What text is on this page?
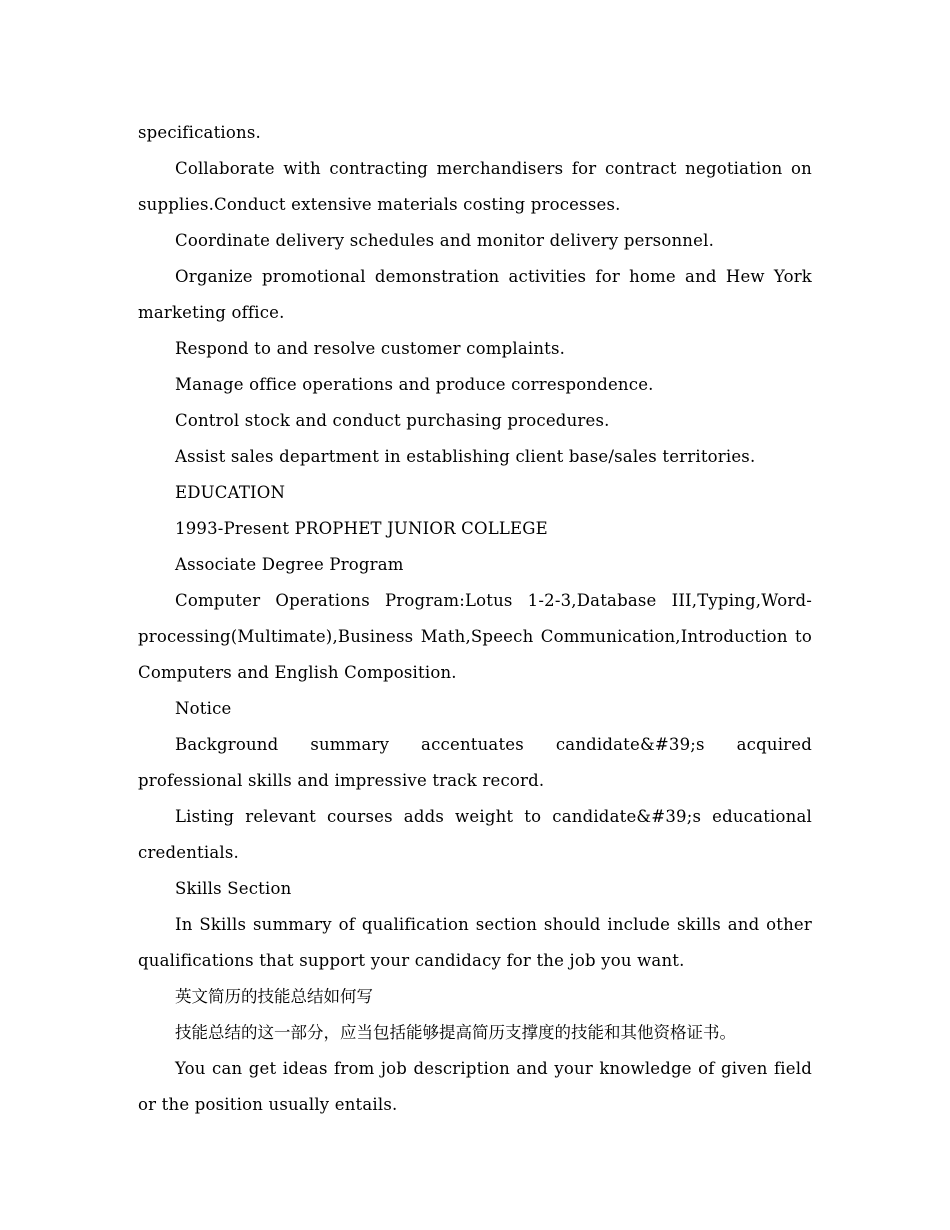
specifications.

Collaborate with contracting merchandisers for contract negotiation on supplies.Conduct extensive materials costing processes.

Coordinate delivery schedules and monitor delivery personnel.

Organize promotional demonstration activities for home and Hew York marketing office.

Respond to and resolve customer complaints.

Manage office operations and produce correspondence.

Control stock and conduct purchasing procedures.

Assist sales department in establishing client base/sales territories.

EDUCATION

1993-Present PROPHET JUNIOR COLLEGE

Associate Degree Program

Computer Operations Program:Lotus 1-2-3,Database III,Typing,Word-processing(Multimate),Business Math,Speech Communication,Introduction to Computers and English Composition.

Notice

Background summary accentuates candidate&#39;s acquired professional skills and impressive track record.

Listing relevant courses adds weight to candidate&#39;s educational credentials.

Skills Section

In Skills summary of qualification section should include skills and other qualifications that support your candidacy for the job you want.

英文简历的技能总结如何写

技能总结的这一部分，应当包括能够提高简历支撑度的技能和其他资格证书。

You can get ideas from job description and your knowledge of given field or the position usually entails.
